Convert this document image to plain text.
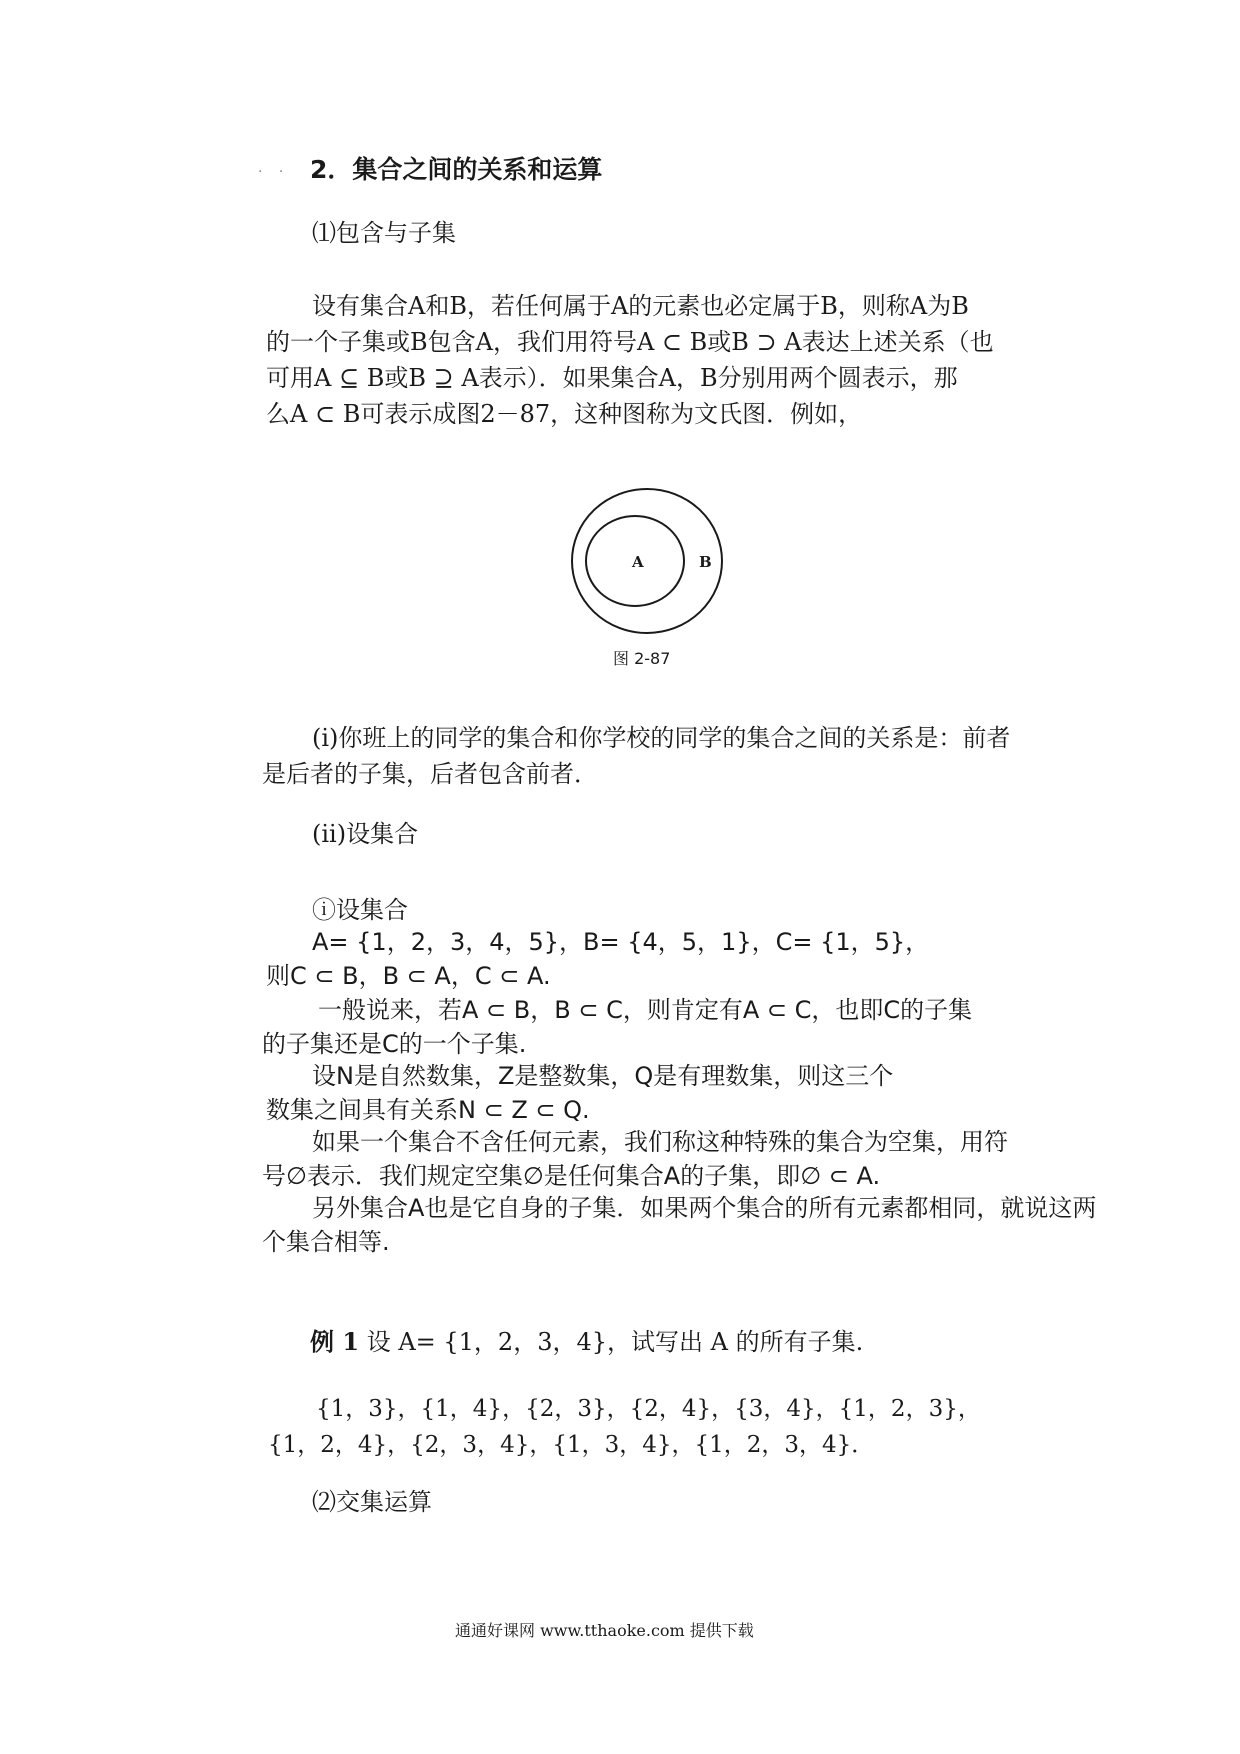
. . 2．集合之间的关系和运算
⑴包含与子集
设有集合A和B，若任何属于A的元素也必定属于B，则称A为B
的一个子集或B包含A，我们用符号A ⊂ B或B ⊃ A表达上述关系（也
可用A ⊆ B或B ⊇ A表示）．如果集合A，B分别用两个圆表示，那
么A ⊂ B可表示成图2－87，这种图称为文氏图．例如，
A	B
图 2-87
(i)你班上的同学的集合和你学校的同学的集合之间的关系是：前者
是后者的子集，后者包含前者．
(ii)设集合
ⓘ设集合
A= {1，2，3，4，5}，B= {4，5，1}，C= {1，5}，
则C ⊂ B，B ⊂ A，C ⊂ A.
一般说来，若A ⊂ B，B ⊂ C，则肯定有A ⊂ C，也即C的子集
的子集还是C的一个子集.
设N是自然数集，Z是整数集，Q是有理数集，则这三个
数集之间具有关系N ⊂ Z ⊂ Q.
如果一个集合不含任何元素，我们称这种特殊的集合为空集，用符
号∅表示．我们规定空集∅是任何集合A的子集，即∅ ⊂ A.
另外集合A也是它自身的子集．如果两个集合的所有元素都相同，就说这两
个集合相等.
例 1 设 A= {1，2，3，4}，试写出 A 的所有子集.
{1，3}，{1，4}，{2，3}，{2，4}，{3，4}，{1，2，3}，
{1，2，4}，{2，3，4}，{1，3，4}，{1，2，3，4}．
⑵交集运算
通通好课网 www.tthaoke.com 提供下载
